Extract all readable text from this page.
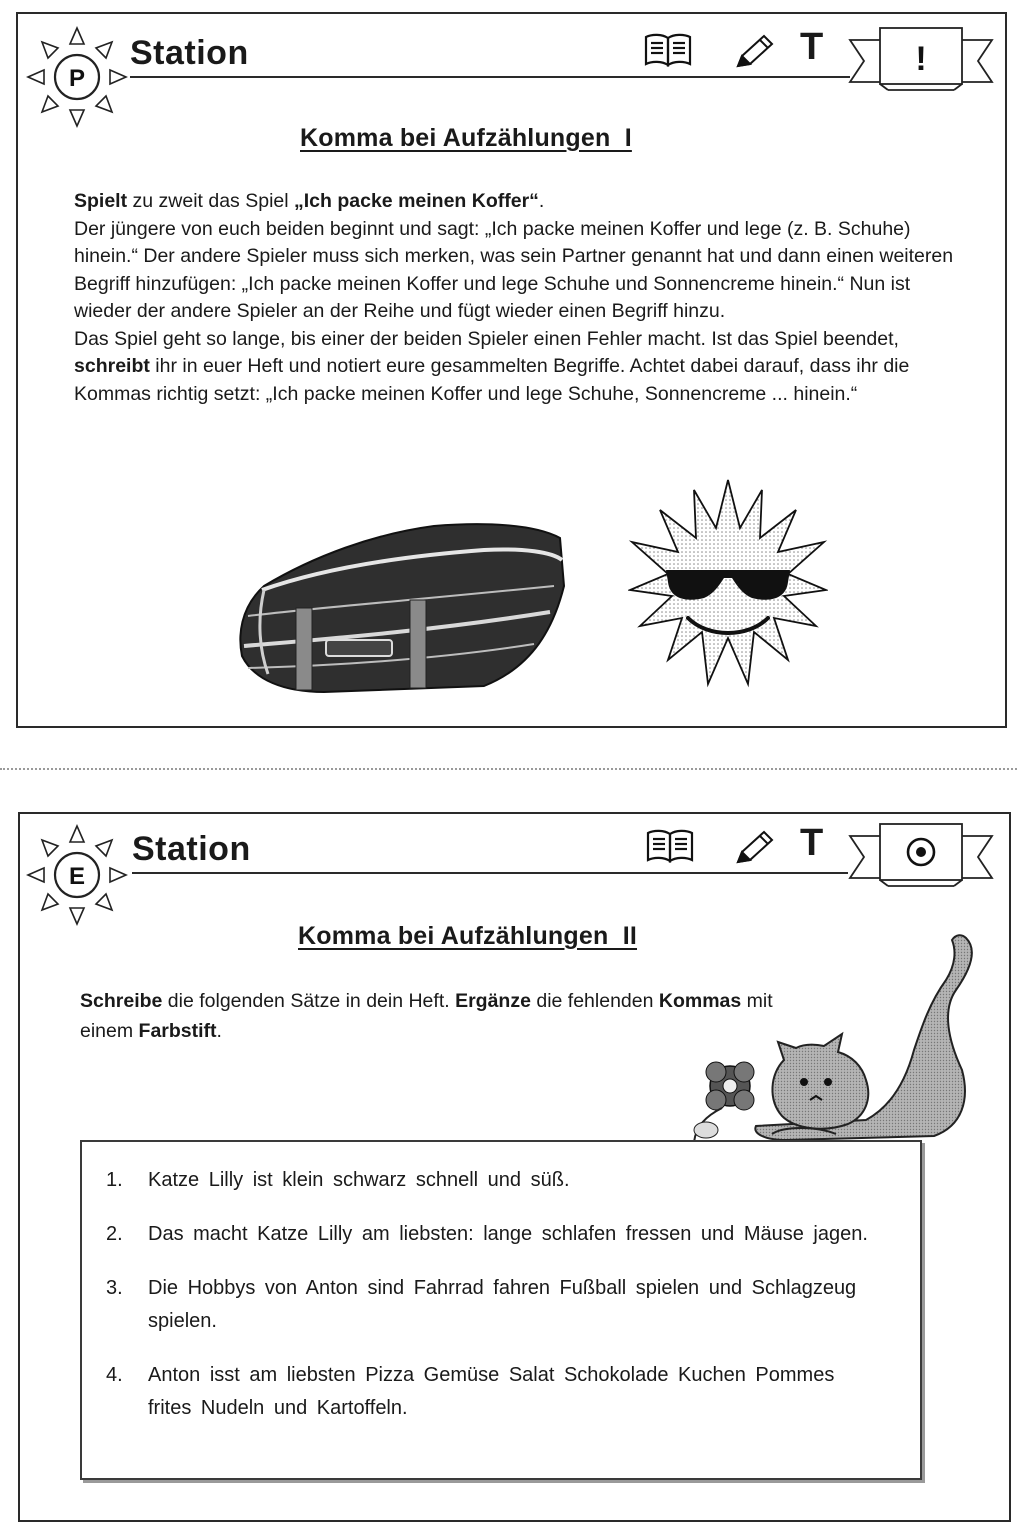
P
Station	T	!
Komma bei Aufzählungen  I

Spielt zu zweit das Spiel „Ich packe meinen Koffer“.

Der jüngere von euch beiden beginnt und sagt: „Ich packe meinen Koffer und lege (z. B. Schuhe) hinein.“ Der andere Spieler muss sich merken, was sein Partner genannt hat und dann einen weiteren Begriff hinzufügen: „Ich packe meinen Koffer und lege Schuhe und Sonnencreme hinein.“ Nun ist wieder der andere Spieler an der Reihe und fügt wieder einen Begriff hinzu.

Das Spiel geht so lange, bis einer der beiden Spieler einen Fehler macht. Ist das Spiel beendet, schreibt ihr in euer Heft und notiert eure gesammelten Begriffe. Achtet dabei darauf, dass ihr die Kommas richtig setzt: „Ich packe meinen Koffer und lege Schuhe, Sonnencreme ... hinein.“

E
Station	T
Komma bei Aufzählungen  II

Schreibe die folgenden Sätze in dein Heft. Ergänze die fehlenden Kommas mit einem Farbstift.

1. Katze Lilly ist klein schwarz schnell und süß.
2. Das macht Katze Lilly am liebsten: lange schlafen fressen und Mäuse jagen.
3. Die Hobbys von Anton sind Fahrrad fahren Fußball spielen und Schlagzeug spielen.
4. Anton isst am liebsten Pizza Gemüse Salat Schokolade Kuchen Pommes frites Nudeln und Kartoffeln.
